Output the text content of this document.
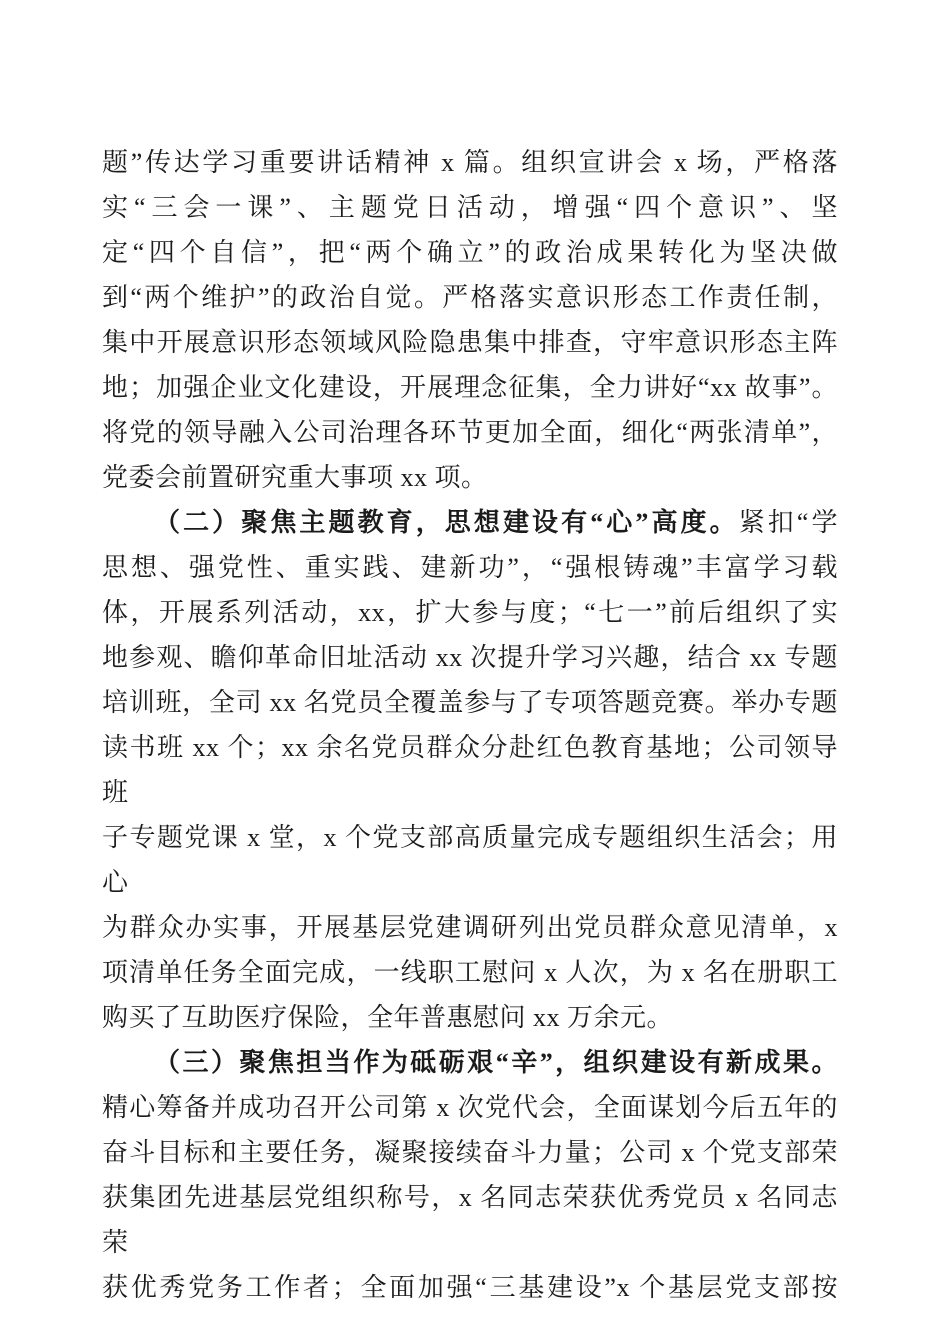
题”传达学习重要讲话精神 x 篇。组织宣讲会 x 场，严格落
实“三会一课”、主题党日活动，增强“四个意识”、坚
定“四个自信”，把“两个确立”的政治成果转化为坚决做
到“两个维护”的政治自觉。严格落实意识形态工作责任制，
集中开展意识形态领域风险隐患集中排查，守牢意识形态主阵
地；加强企业文化建设，开展理念征集，全力讲好“xx 故事”。
将党的领导融入公司治理各环节更加全面，细化“两张清单”，
党委会前置研究重大事项 xx 项。
（二）聚焦主题教育，思想建设有“心”高度。紧扣“学
思想、强党性、重实践、建新功”，“强根铸魂”丰富学习载
体，开展系列活动，xx，扩大参与度；“七一”前后组织了实
地参观、瞻仰革命旧址活动 xx 次提升学习兴趣，结合 xx 专题
培训班，全司 xx 名党员全覆盖参与了专项答题竞赛。举办专题
读书班 xx 个；xx 余名党员群众分赴红色教育基地；公司领导班
子专题党课 x 堂，x 个党支部高质量完成专题组织生活会；用心
为群众办实事，开展基层党建调研列出党员群众意见清单，x
项清单任务全面完成，一线职工慰问 x 人次，为 x 名在册职工
购买了互助医疗保险，全年普惠慰问 xx 万余元。
（三）聚焦担当作为砥砺艰“辛”，组织建设有新成果。
精心筹备并成功召开公司第 x 次党代会，全面谋划今后五年的
奋斗目标和主要任务，凝聚接续奋斗力量；公司 x 个党支部荣
获集团先进基层党组织称号，x 名同志荣获优秀党员 x 名同志荣
获优秀党务工作者；全面加强“三基建设”x 个基层党支部按
